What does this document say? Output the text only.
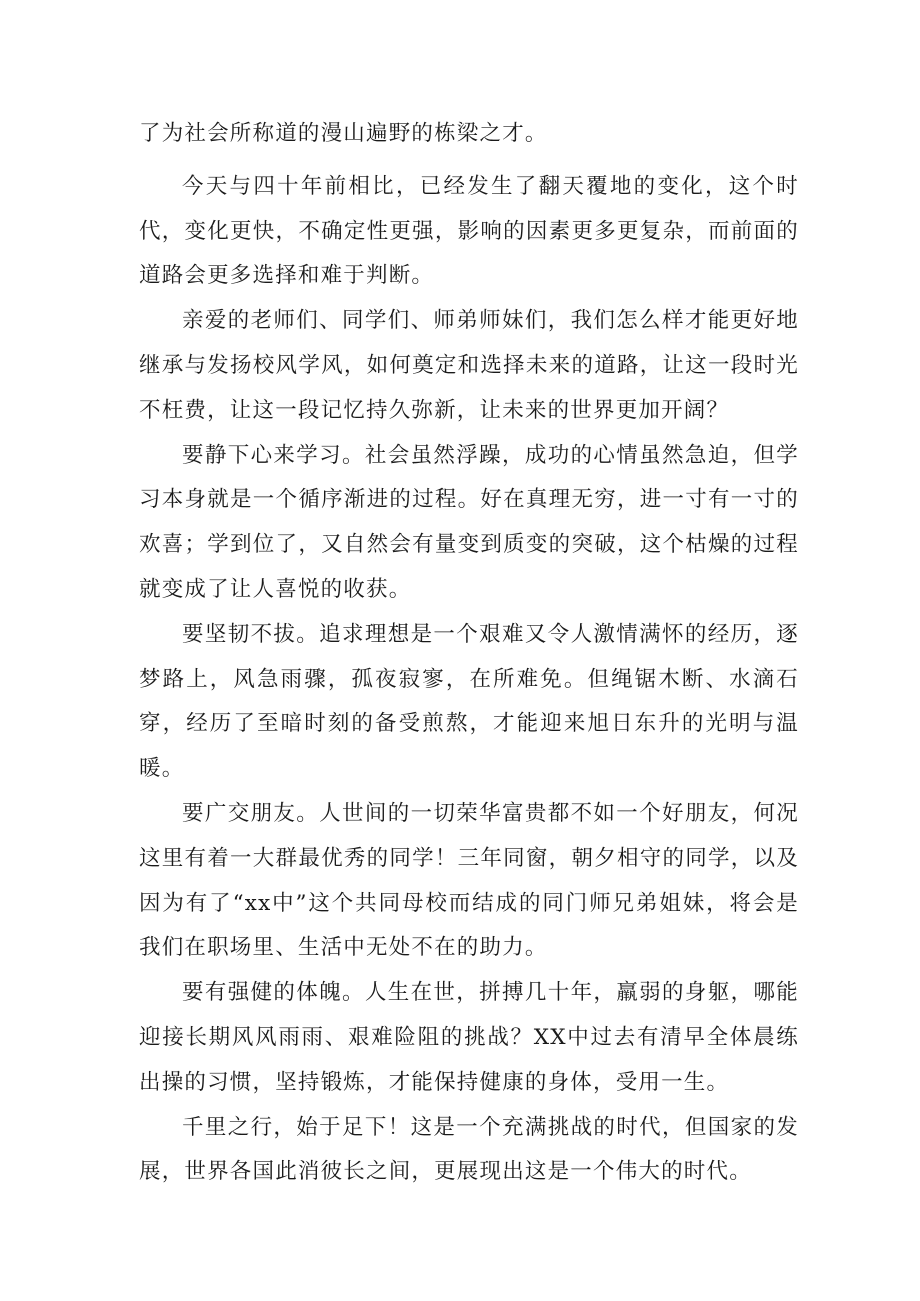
了为社会所称道的漫山遍野的栋梁之才。

今天与四十年前相比，已经发生了翻天覆地的变化，这个时代，变化更快，不确定性更强，影响的因素更多更复杂，而前面的道路会更多选择和难于判断。

亲爱的老师们、同学们、师弟师妹们，我们怎么样才能更好地继承与发扬校风学风，如何奠定和选择未来的道路，让这一段时光不枉费，让这一段记忆持久弥新，让未来的世界更加开阔？

要静下心来学习。社会虽然浮躁，成功的心情虽然急迫，但学习本身就是一个循序渐进的过程。好在真理无穷，进一寸有一寸的欢喜；学到位了，又自然会有量变到质变的突破，这个枯燥的过程就变成了让人喜悦的收获。

要坚韧不拔。追求理想是一个艰难又令人激情满怀的经历，逐梦路上，风急雨骤，孤夜寂寥，在所难免。但绳锯木断、水滴石穿，经历了至暗时刻的备受煎熬，才能迎来旭日东升的光明与温暖。

要广交朋友。人世间的一切荣华富贵都不如一个好朋友，何况这里有着一大群最优秀的同学！三年同窗，朝夕相守的同学，以及因为有了“xx中”这个共同母校而结成的同门师兄弟姐妹，将会是我们在职场里、生活中无处不在的助力。

要有强健的体魄。人生在世，拼搏几十年，羸弱的身躯，哪能迎接长期风风雨雨、艰难险阻的挑战？XX中过去有清早全体晨练出操的习惯，坚持锻炼，才能保持健康的身体，受用一生。

千里之行，始于足下！这是一个充满挑战的时代，但国家的发展，世界各国此消彼长之间，更展现出这是一个伟大的时代。
